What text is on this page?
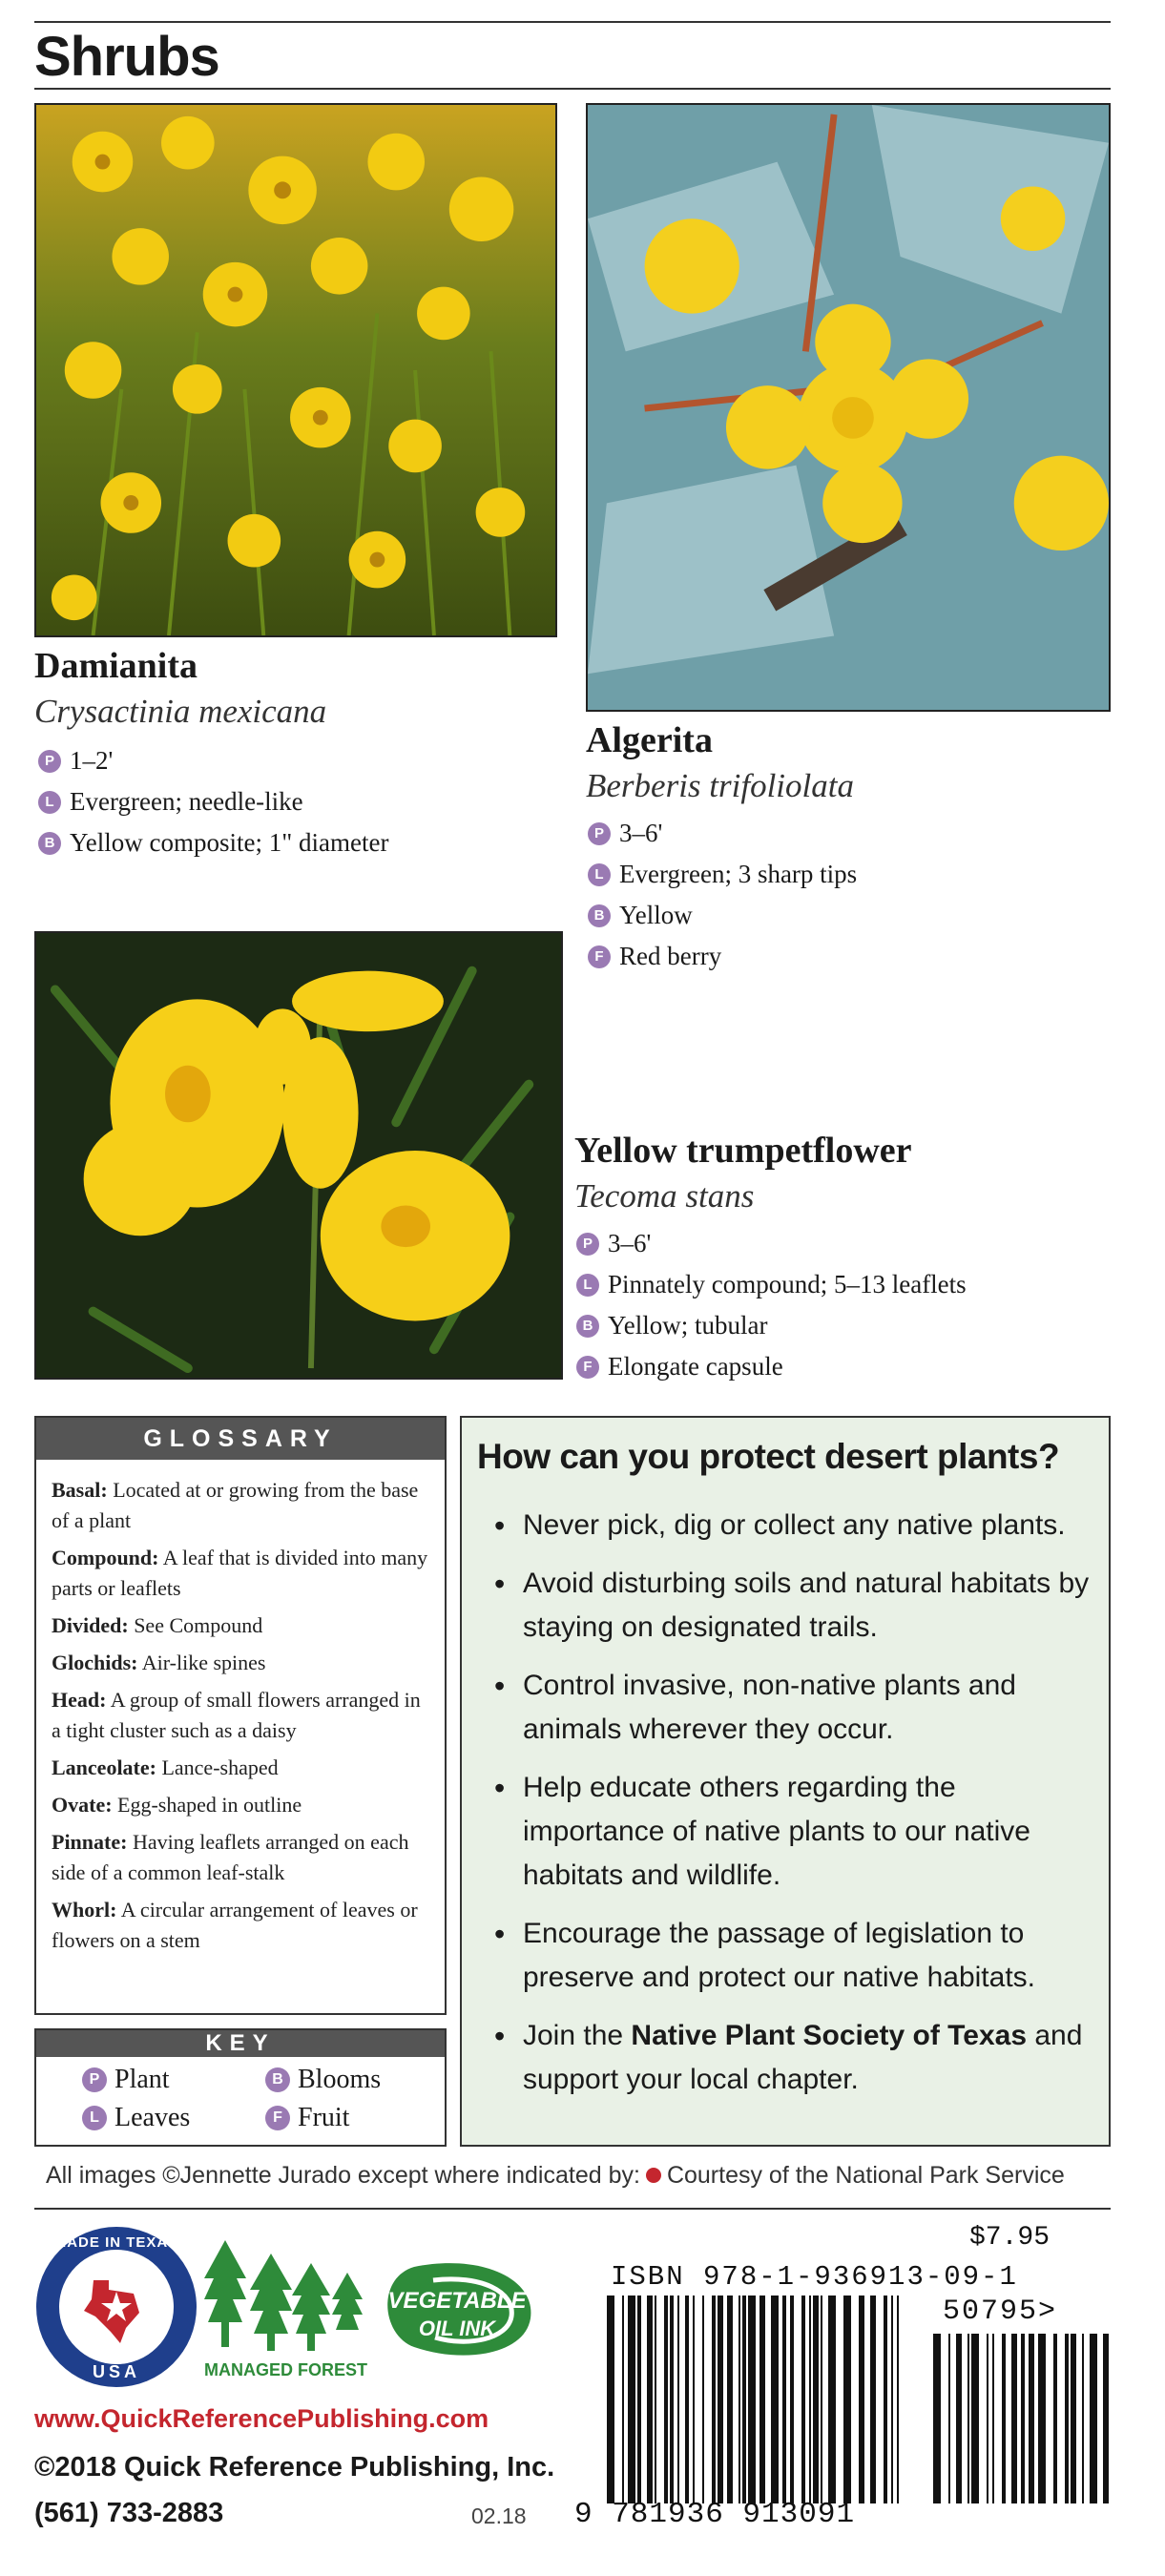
Shrubs
Damianita
Crysactinia mexicana
P 1–2'
L Evergreen; needle-like
B Yellow composite; 1" diameter
Algerita
Berberis trifoliolata
P 3–6'
L Evergreen; 3 sharp tips
B Yellow
F Red berry
Yellow trumpetflower
Tecoma stans
P 3–6'
L Pinnately compound; 5–13 leaflets
B Yellow; tubular
F Elongate capsule
GLOSSARY
Basal: Located at or growing from the base of a plant
Compound: A leaf that is divided into many parts or leaflets
Divided: See Compound
Glochids: Air-like spines
Head: A group of small flowers arranged in a tight cluster such as a daisy
Lanceolate: Lance-shaped
Ovate: Egg-shaped in outline
Pinnate: Having leaflets arranged on each side of a common leaf-stalk
Whorl: A circular arrangement of leaves or flowers on a stem
KEY
P Plant	B Blooms
L Leaves	F Fruit
How can you protect desert plants?
• Never pick, dig or collect any native plants.
• Avoid disturbing soils and natural habitats by staying on designated trails.
• Control invasive, non-native plants and animals wherever they occur.
• Help educate others regarding the importance of native plants to our native habitats and wildlife.
• Encourage the passage of legislation to preserve and protect our native habitats.
• Join the Native Plant Society of Texas and support your local chapter.
All images ©Jennette Jurado except where indicated by: Courtesy of the National Park Service
MADE IN TEXAS
USA	MANAGED FOREST
VEGETABLE
OIL INK
www.QuickReferencePublishing.com
©2018 Quick Reference Publishing, Inc.
(561) 733-2883	02.18
$7.95
ISBN 978-1-936913-09-1
50795>
9 781936 913091
